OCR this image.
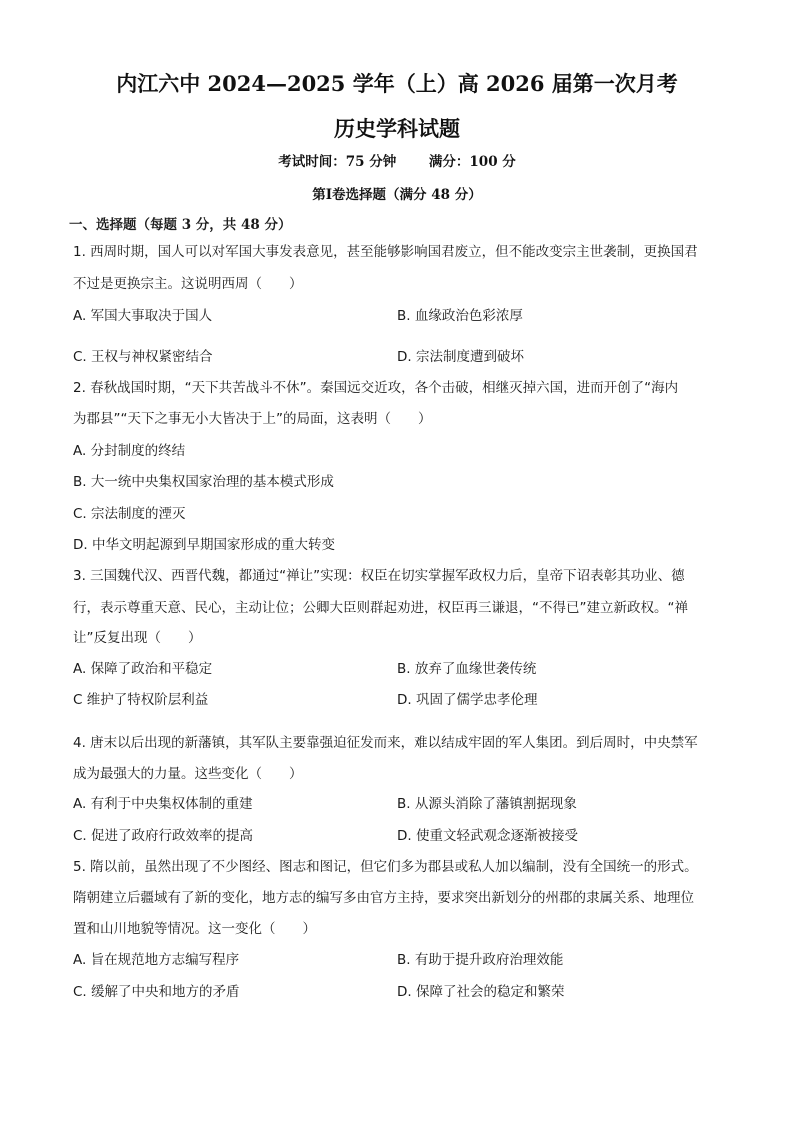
内江六中 2024—2025 学年（上）高 2026 届第一次月考
历史学科试题
考试时间：75 分钟 满分：100 分
第Ⅰ卷选择题（满分 48 分）
一、选择题（每题 3 分，共 48 分）
1. 西周时期，国人可以对军国大事发表意见，甚至能够影响国君废立，但不能改变宗主世袭制，更换国君
不过是更换宗主。这说明西周（　　）
A. 军国大事取决于国人	B. 血缘政治色彩浓厚
C. 王权与神权紧密结合	D. 宗法制度遭到破坏
2. 春秋战国时期，“天下共苦战斗不休”。秦国远交近攻，各个击破，相继灭掉六国，进而开创了“海内
为郡县”“天下之事无小大皆决于上”的局面，这表明（　　）
A. 分封制度的终结
B. 大一统中央集权国家治理的基本模式形成
C. 宗法制度的湮灭
D. 中华文明起源到早期国家形成的重大转变
3. 三国魏代汉、西晋代魏，都通过“禅让”实现：权臣在切实掌握军政权力后，皇帝下诏表彰其功业、德
行，表示尊重天意、民心，主动让位；公卿大臣则群起劝进，权臣再三谦退，“不得已”建立新政权。“禅
让”反复出现（　　）
A. 保障了政治和平稳定	B. 放弃了血缘世袭传统
C 维护了特权阶层利益	D. 巩固了儒学忠孝伦理
4. 唐末以后出现的新藩镇，其军队主要靠强迫征发而来，难以结成牢固的军人集团。到后周时，中央禁军
成为最强大的力量。这些变化（　　）
A. 有利于中央集权体制的重建	B. 从源头消除了藩镇割据现象
C. 促进了政府行政效率的提高	D. 使重文轻武观念逐渐被接受
5. 隋以前，虽然出现了不少图经、图志和图记，但它们多为郡县或私人加以编制，没有全国统一的形式。
隋朝建立后疆域有了新的变化，地方志的编写多由官方主持，要求突出新划分的州郡的隶属关系、地理位
置和山川地貌等情况。这一变化（　　）
A. 旨在规范地方志编写程序	B. 有助于提升政府治理效能
C. 缓解了中央和地方的矛盾	D. 保障了社会的稳定和繁荣
